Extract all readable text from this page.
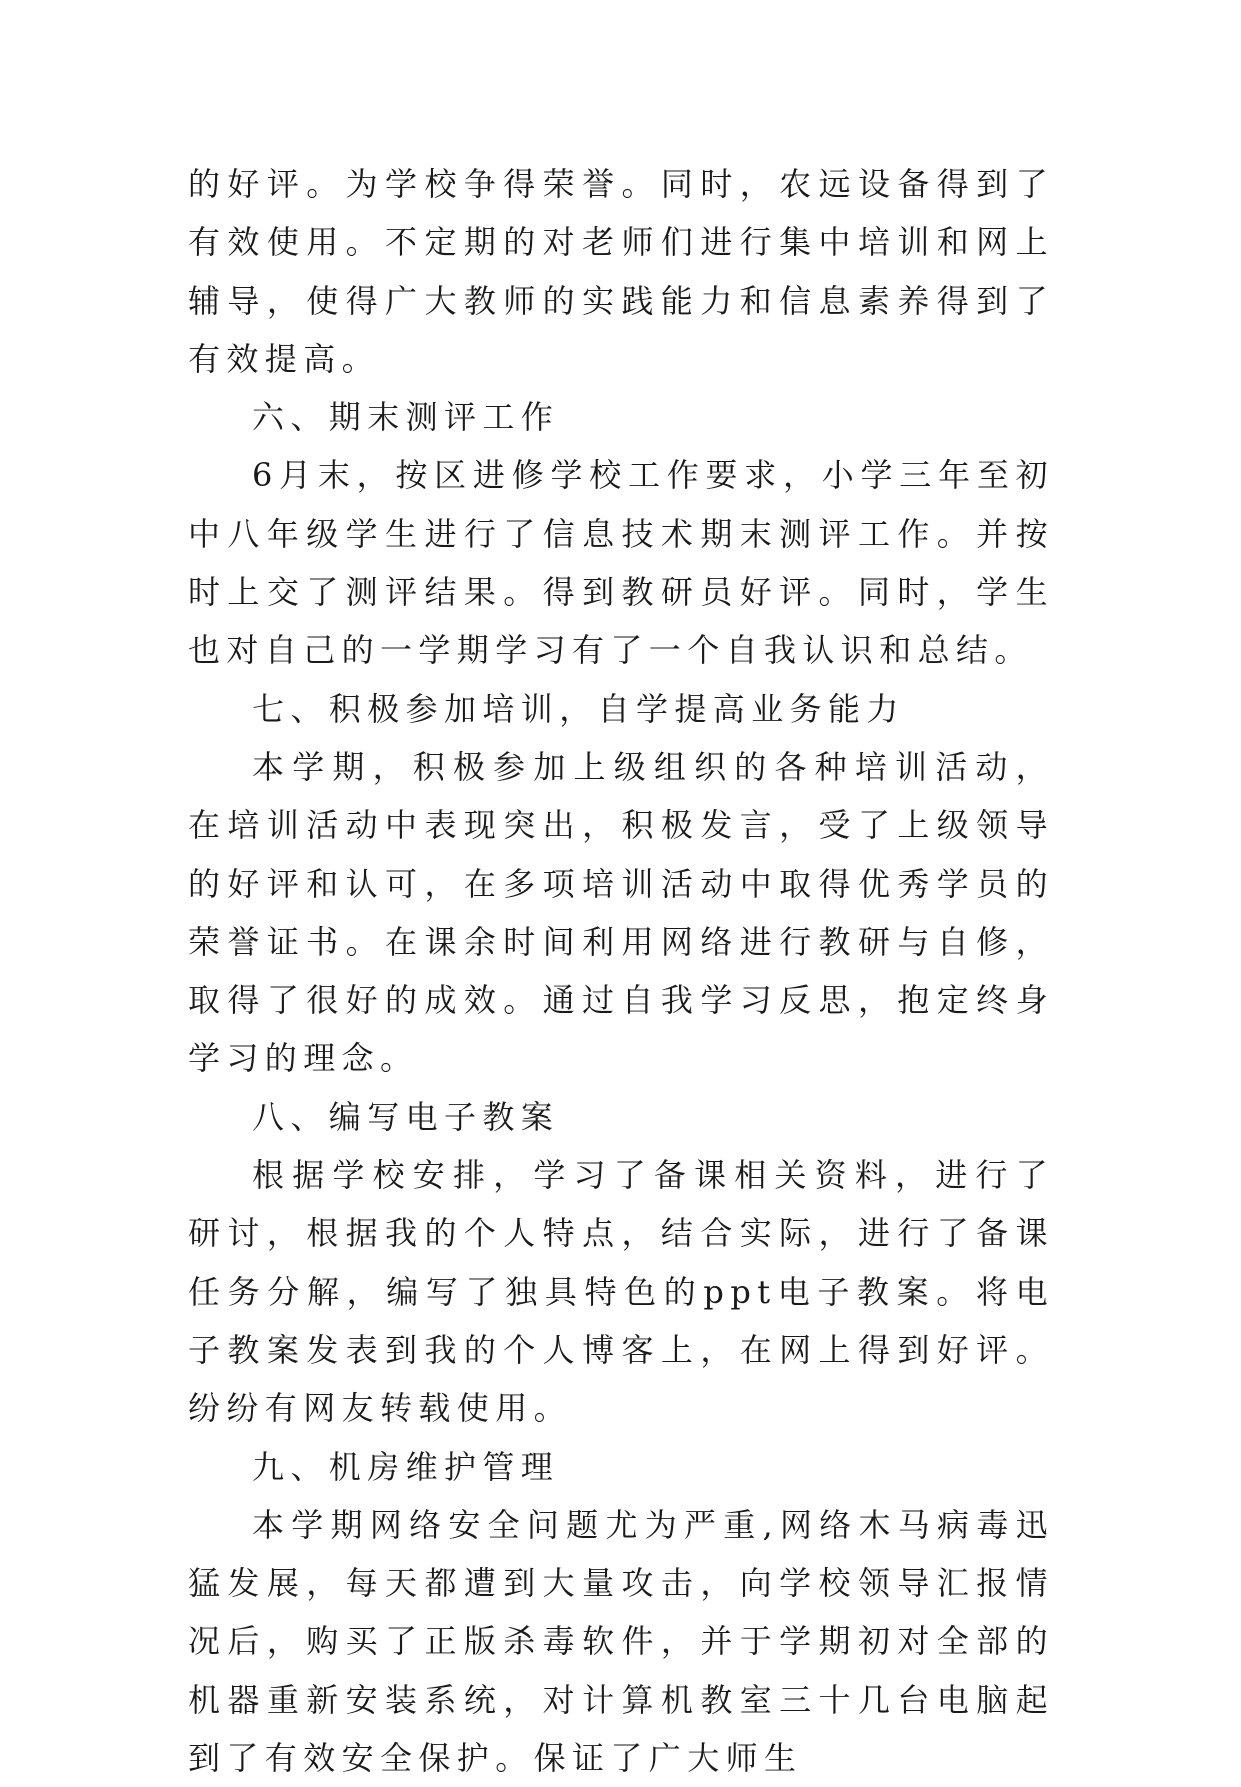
的好评。为学校争得荣誉。同时，农远设备得到了有效使用。不定期的对老师们进行集中培训和网上辅导，使得广大教师的实践能力和信息素养得到了有效提高。

六、期末测评工作

6月末，按区进修学校工作要求，小学三年至初中八年级学生进行了信息技术期末测评工作。并按时上交了测评结果。得到教研员好评。同时，学生也对自己的一学期学习有了一个自我认识和总结。

七、积极参加培训，自学提高业务能力

本学期，积极参加上级组织的各种培训活动，在培训活动中表现突出，积极发言，受了上级领导的好评和认可，在多项培训活动中取得优秀学员的荣誉证书。在课余时间利用网络进行教研与自修，取得了很好的成效。通过自我学习反思，抱定终身学习的理念。

八、编写电子教案

根据学校安排，学习了备课相关资料，进行了研讨，根据我的个人特点，结合实际，进行了备课任务分解，编写了独具特色的ppt电子教案。将电子教案发表到我的个人博客上，在网上得到好评。纷纷有网友转载使用。

九、机房维护管理

本学期网络安全问题尤为严重,网络木马病毒迅猛发展，每天都遭到大量攻击，向学校领导汇报情况后，购买了正版杀毒软件，并于学期初对全部的机器重新安装系统，对计算机教室三十几台电脑起到了有效安全保护。保证了广大师生
